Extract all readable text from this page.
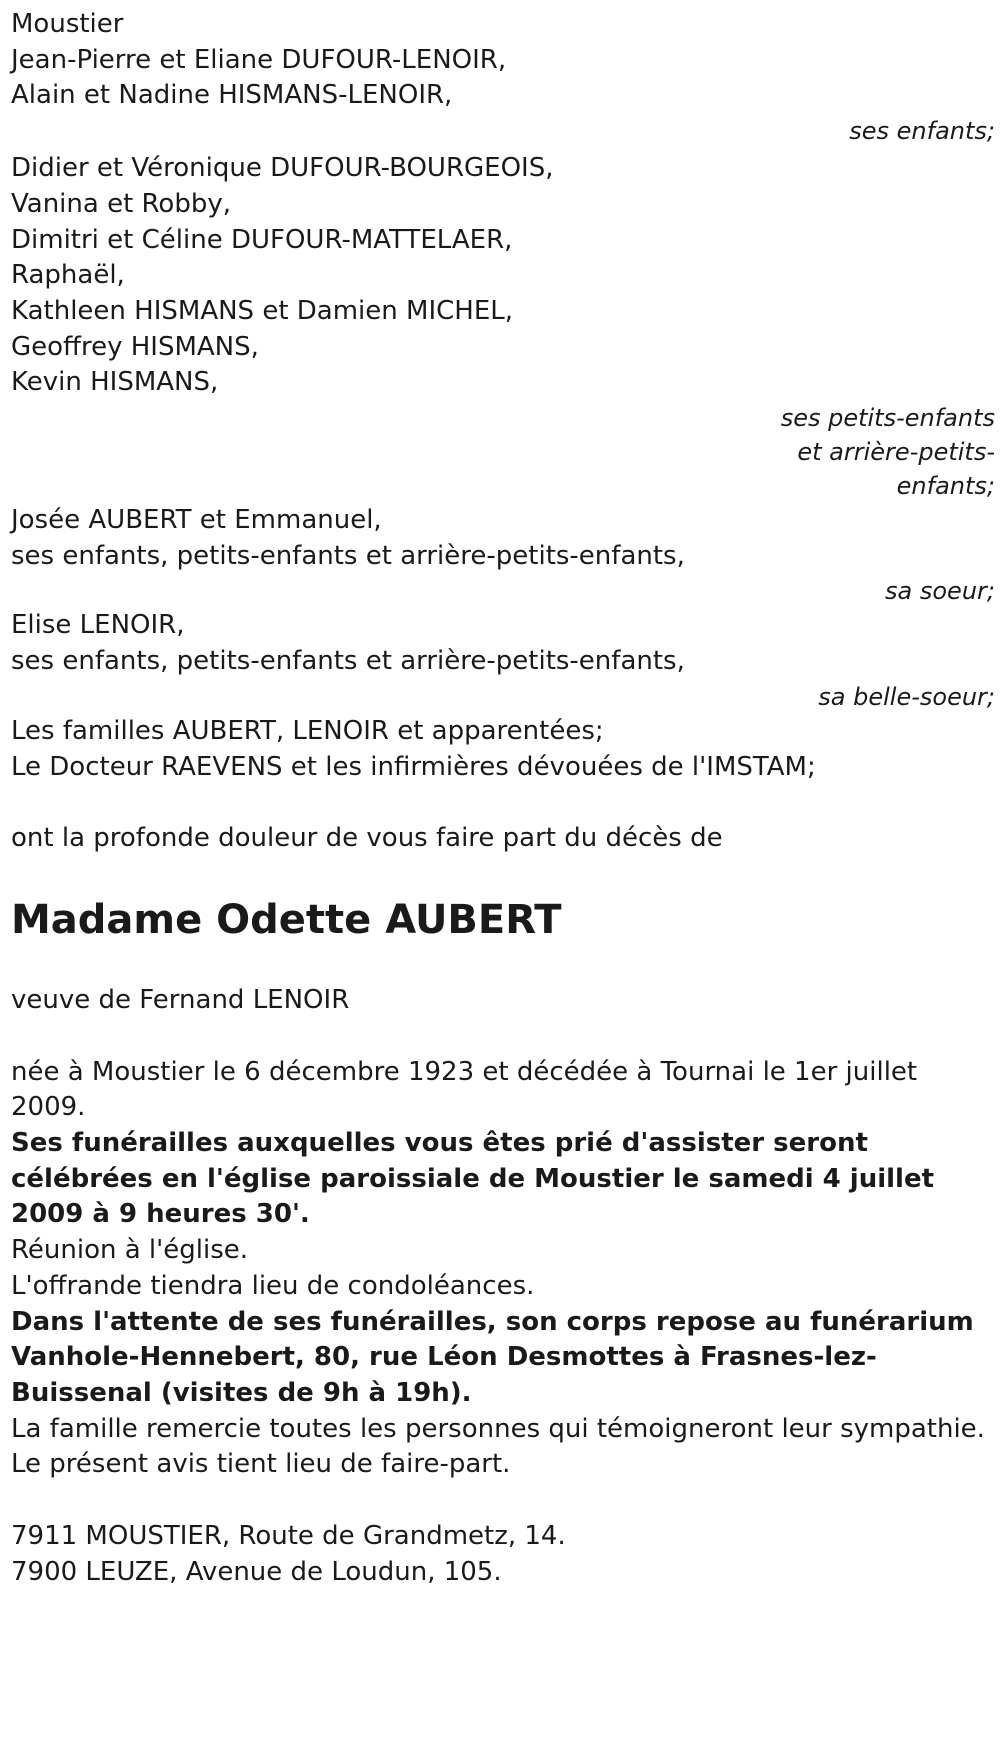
Moustier
Jean-Pierre et Eliane DUFOUR-LENOIR,
Alain et Nadine HISMANS-LENOIR,
ses enfants;
Didier et Véronique DUFOUR-BOURGEOIS,
Vanina et Robby,
Dimitri et Céline DUFOUR-MATTELAER,
Raphaël,
Kathleen HISMANS et Damien MICHEL,
Geoffrey HISMANS,
Kevin HISMANS,
ses petits-enfants
et arrière-petits-
enfants;
Josée AUBERT et Emmanuel,
ses enfants, petits-enfants et arrière-petits-enfants,
sa soeur;
Elise LENOIR,
ses enfants, petits-enfants et arrière-petits-enfants,
sa belle-soeur;
Les familles AUBERT, LENOIR et apparentées;
Le Docteur RAEVENS et les infirmières dévouées de l'IMSTAM;
ont la profonde douleur de vous faire part du décès de
Madame Odette AUBERT
veuve de Fernand LENOIR
née à Moustier le 6 décembre 1923 et décédée à Tournai le 1er juillet 2009.
Ses funérailles auxquelles vous êtes prié d'assister seront célébrées en l'église paroissiale de Moustier le samedi 4 juillet 2009 à 9 heures 30'.
Réunion à l'église.
L'offrande tiendra lieu de condoléances.
Dans l'attente de ses funérailles, son corps repose au funérarium Vanhole-Hennebert, 80, rue Léon Desmottes à Frasnes-lez-Buissenal (visites de 9h à 19h).
La famille remercie toutes les personnes qui témoigneront leur sympathie.
Le présent avis tient lieu de faire-part.
7911 MOUSTIER, Route de Grandmetz, 14.
7900 LEUZE, Avenue de Loudun, 105.
